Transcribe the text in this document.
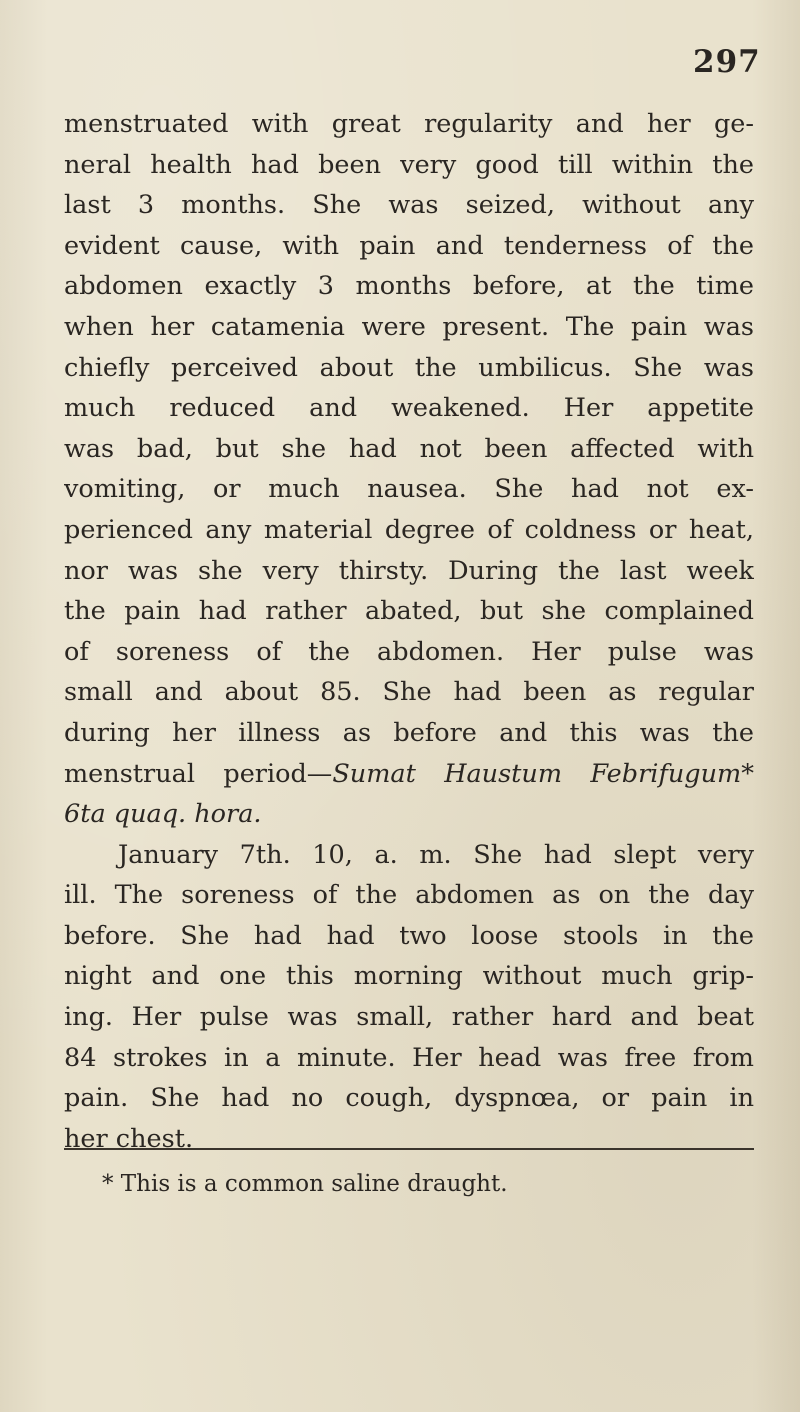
297
menstruated with great regularity and her ge-
neral health had been very good till within the
last 3 months. She was seized, without any
evident cause, with pain and tenderness of the
abdomen exactly 3 months before, at the time
when her catamenia were present. The pain was
chiefly perceived about the umbilicus. She was
much reduced and weakened. Her appetite
was bad, but she had not been affected with
vomiting, or much nausea. She had not ex-
perienced any material degree of coldness or heat,
nor was she very thirsty. During the last week
the pain had rather abated, but she complained
of soreness of the abdomen. Her pulse was
small and about 85. She had been as regular
during her illness as before and this was the
menstrual period—Sumat Haustum Febrifugum*
6ta quaq. hora.
January 7th. 10, a. m. She had slept very
ill. The soreness of the abdomen as on the day
before. She had had two loose stools in the
night and one this morning without much grip-
ing. Her pulse was small, rather hard and beat
84 strokes in a minute. Her head was free from
pain. She had no cough, dyspnœa, or pain in
her chest.
* This is a common saline draught.
